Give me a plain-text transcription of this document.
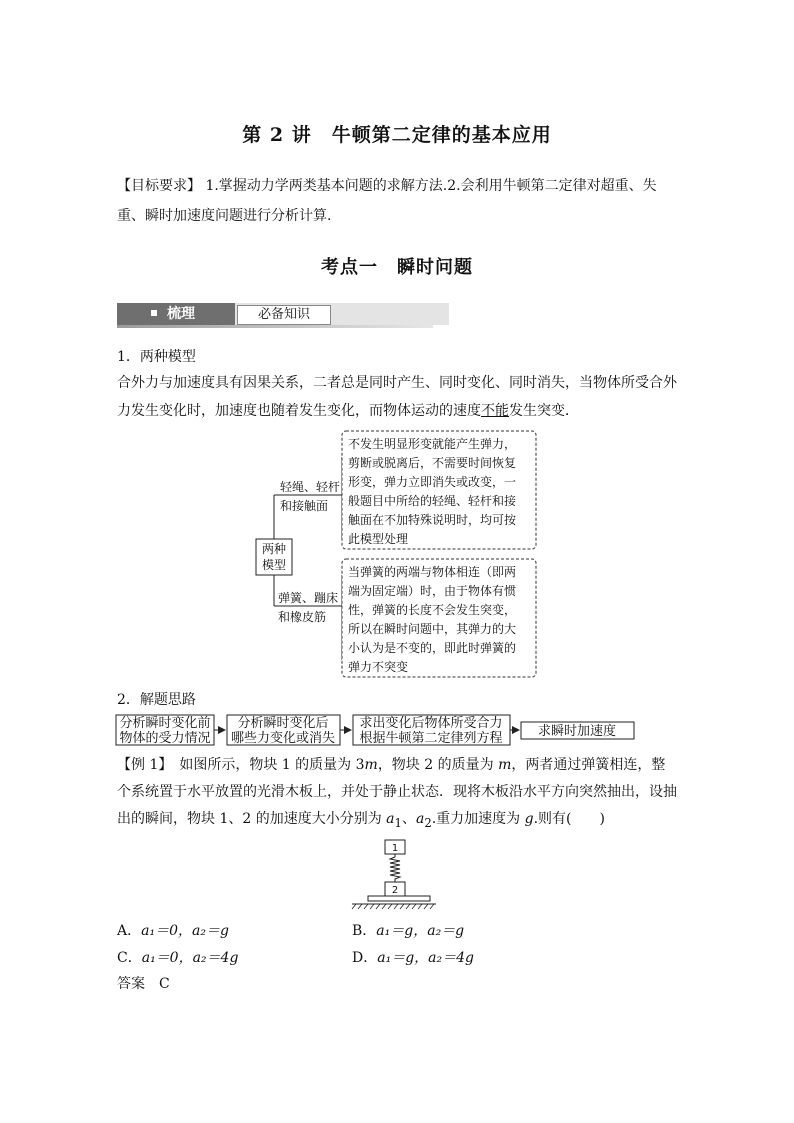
第 2 讲　牛顿第二定律的基本应用
【目标要求】 1.掌握动力学两类基本问题的求解方法.2.会利用牛顿第二定律对超重、失重、瞬时加速度问题进行分析计算.
考点一　瞬时问题
梳理	必备知识
1．两种模型
合外力与加速度具有因果关系，二者总是同时产生、同时变化、同时消失，当物体所受合外力发生变化时，加速度也随着发生变化，而物体运动的速度不能发生突变．
两种
模型
轻绳、轻杆
和接触面
弹簧、蹦床
和橡皮筋
不发生明显形变就能产生弹力，
剪断或脱离后，不需要时间恢复
形变，弹力立即消失或改变，一
般题目中所给的轻绳、轻杆和接
触面在不加特殊说明时，均可按
此模型处理
当弹簧的两端与物体相连（即两
端为固定端）时，由于物体有惯
性，弹簧的长度不会发生突变，
所以在瞬时问题中，其弹力的大
小认为是不变的，即此时弹簧的
弹力不突变
2．解题思路
分析瞬时变化前
物体的受力情况
分析瞬时变化后
哪些力变化或消失
求出变化后物体所受合力
根据牛顿第二定律列方程	求瞬时加速度
【例 1】　 如图所示，物块 1 的质量为 3m，物块 2 的质量为 m，两者通过弹簧相连，整个系统置于水平放置的光滑木板上，并处于静止状态．现将木板沿水平方向突然抽出，设抽出的瞬间，物块 1、2 的加速度大小分别为 $a_1$、$a_2$.重力加速度为 g.则有(　　)
1
2
A．a₁＝0，a₂＝g	B．a₁＝g，a₂＝g
C．a₁＝0，a₂＝4g	D．a₁＝g，a₂＝4g
答案　 C
